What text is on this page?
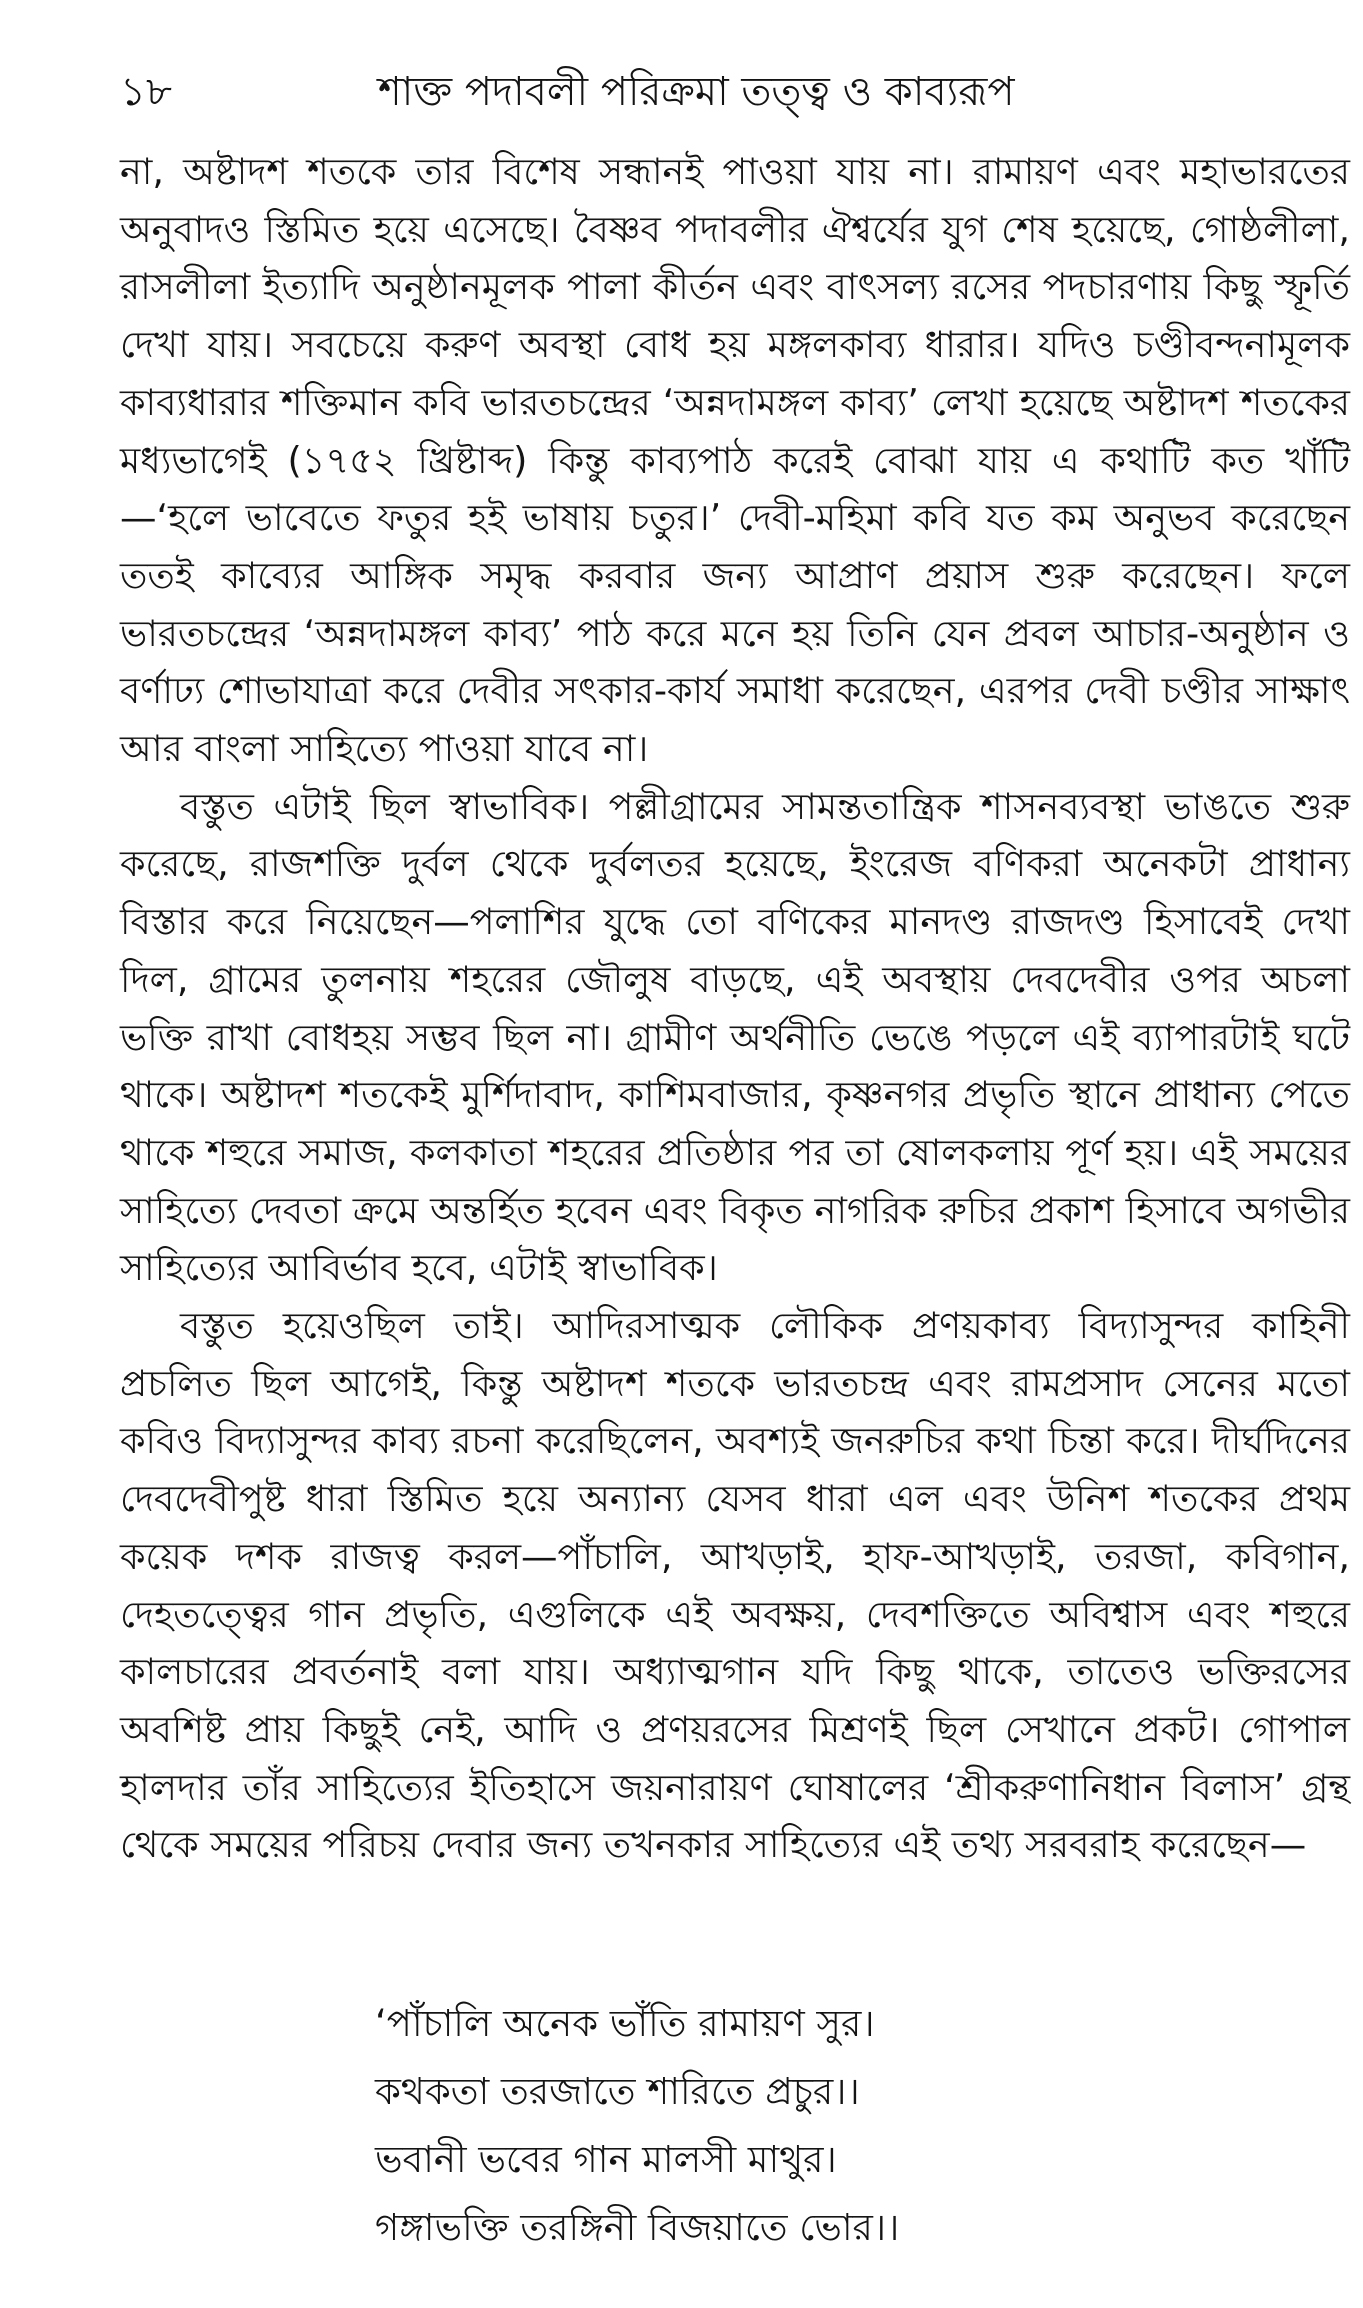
১৮	শাক্ত পদাবলী পরিক্রমা তত্ত্ব ও কাব্যরূপ

না, অষ্টাদশ শতকে তার বিশেষ সন্ধানই পাওয়া যায় না। রামায়ণ এবং মহাভারতের অনুবাদও স্তিমিত হয়ে এসেছে। বৈষ্ণব পদাবলীর ঐশ্বর্যের যুগ শেষ হয়েছে, গোষ্ঠলীলা, রাসলীলা ইত্যাদি অনুষ্ঠানমূলক পালা কীর্তন এবং বাৎসল্য রসের পদচারণায় কিছু স্ফূর্তি দেখা যায়। সবচেয়ে করুণ অবস্থা বোধ হয় মঙ্গলকাব্য ধারার। যদিও চণ্ডীবন্দনামূলক কাব্যধারার শক্তিমান কবি ভারতচন্দ্রের ‘অন্নদামঙ্গল কাব্য’ লেখা হয়েছে অষ্টাদশ শতকের মধ্যভাগেই (১৭৫২ খ্রিষ্টাব্দ) কিন্তু কাব্যপাঠ করেই বোঝা যায় এ কথাটি কত খাঁটি—‘হলে ভাবেতে ফতুর হই ভাষায় চতুর।’ দেবী-মহিমা কবি যত কম অনুভব করেছেন ততই কাব্যের আঙ্গিক সমৃদ্ধ করবার জন্য আপ্রাণ প্রয়াস শুরু করেছেন। ফলে ভারতচন্দ্রের ‘অন্নদামঙ্গল কাব্য’ পাঠ করে মনে হয় তিনি যেন প্রবল আচার-অনুষ্ঠান ও বর্ণাঢ্য শোভাযাত্রা করে দেবীর সৎকার-কার্য সমাধা করেছেন, এরপর দেবী চণ্ডীর সাক্ষাৎ আর বাংলা সাহিত্যে পাওয়া যাবে না।

বস্তুত এটাই ছিল স্বাভাবিক। পল্লীগ্রামের সামন্ততান্ত্রিক শাসনব্যবস্থা ভাঙতে শুরু করেছে, রাজশক্তি দুর্বল থেকে দুর্বলতর হয়েছে, ইংরেজ বণিকরা অনেকটা প্রাধান্য বিস্তার করে নিয়েছেন—পলাশির যুদ্ধে তো বণিকের মানদণ্ড রাজদণ্ড হিসাবেই দেখা দিল, গ্রামের তুলনায় শহরের জৌলুষ বাড়ছে, এই অবস্থায় দেবদেবীর ওপর অচলা ভক্তি রাখা বোধহয় সম্ভব ছিল না। গ্রামীণ অর্থনীতি ভেঙে পড়লে এই ব্যাপারটাই ঘটে থাকে। অষ্টাদশ শতকেই মুর্শিদাবাদ, কাশিমবাজার, কৃষ্ণনগর প্রভৃতি স্থানে প্রাধান্য পেতে থাকে শহুরে সমাজ, কলকাতা শহরের প্রতিষ্ঠার পর তা ষোলকলায় পূর্ণ হয়। এই সময়ের সাহিত্যে দেবতা ক্রমে অন্তর্হিত হবেন এবং বিকৃত নাগরিক রুচির প্রকাশ হিসাবে অগভীর সাহিত্যের আবির্ভাব হবে, এটাই স্বাভাবিক।

বস্তুত হয়েওছিল তাই। আদিরসাত্মক লৌকিক প্রণয়কাব্য বিদ্যাসুন্দর কাহিনী প্রচলিত ছিল আগেই, কিন্তু অষ্টাদশ শতকে ভারতচন্দ্র এবং রামপ্রসাদ সেনের মতো কবিও বিদ্যাসুন্দর কাব্য রচনা করেছিলেন, অবশ্যই জনরুচির কথা চিন্তা করে। দীর্ঘদিনের দেবদেবীপুষ্ট ধারা স্তিমিত হয়ে অন্যান্য যেসব ধারা এল এবং উনিশ শতকের প্রথম কয়েক দশক রাজত্ব করল—পাঁচালি, আখড়াই, হাফ-আখড়াই, তরজা, কবিগান, দেহতত্ত্বের গান প্রভৃতি, এগুলিকে এই অবক্ষয়, দেবশক্তিতে অবিশ্বাস এবং শহুরে কালচারের প্রবর্তনাই বলা যায়। অধ্যাত্মগান যদি কিছু থাকে, তাতেও ভক্তিরসের অবশিষ্ট প্রায় কিছুই নেই, আদি ও প্রণয়রসের মিশ্রণই ছিল সেখানে প্রকট। গোপাল হালদার তাঁর সাহিত্যের ইতিহাসে জয়নারায়ণ ঘোষালের ‘শ্রীকরুণানিধান বিলাস’ গ্রন্থ থেকে সময়ের পরিচয় দেবার জন্য তখনকার সাহিত্যের এই তথ্য সরবরাহ করেছেন—

‘পাঁচালি অনেক ভাঁতি রামায়ণ সুর।

কথকতা তরজাতে শারিতে প্রচুর।।

ভবানী ভবের গান মালসী মাথুর।

গঙ্গাভক্তি তরঙ্গিনী বিজয়াতে ভোর।।
